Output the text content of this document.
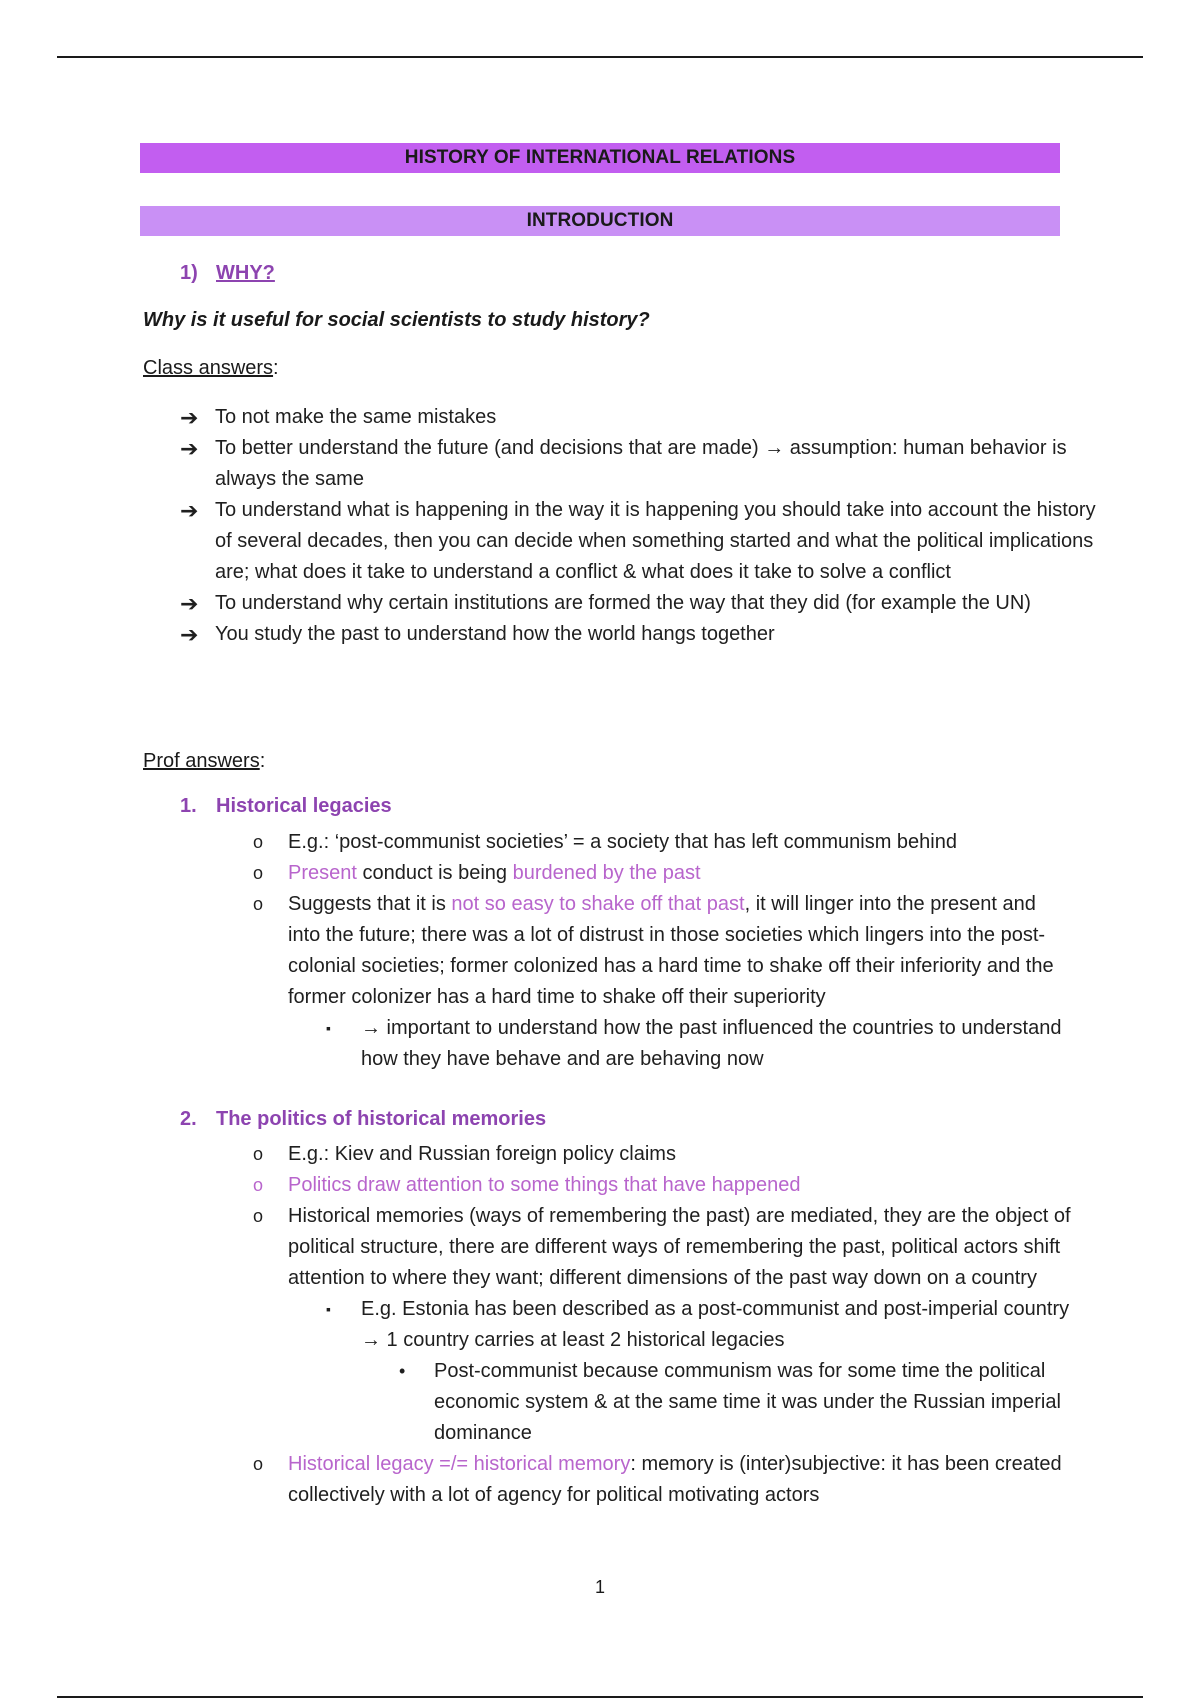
HISTORY OF INTERNATIONAL RELATIONS
INTRODUCTION
1) WHY?
Why is it useful for social scientists to study history?
Class answers:
➔ To not make the same mistakes
➔ To better understand the future (and decisions that are made) → assumption: human behavior is always the same
➔ To understand what is happening in the way it is happening you should take into account the history of several decades, then you can decide when something started and what the political implications are; what does it take to understand a conflict & what does it take to solve a conflict
➔ To understand why certain institutions are formed the way that they did (for example the UN)
➔ You study the past to understand how the world hangs together
Prof answers:
1. Historical legacies
o E.g.: ‘post-communist societies’ = a society that has left communism behind
o Present conduct is being burdened by the past
o Suggests that it is not so easy to shake off that past, it will linger into the present and into the future; there was a lot of distrust in those societies which lingers into the post-colonial societies; former colonized has a hard time to shake off their inferiority and the former colonizer has a hard time to shake off their superiority
▪ → important to understand how the past influenced the countries to understand how they have behave and are behaving now
2. The politics of historical memories
o E.g.: Kiev and Russian foreign policy claims
o Politics draw attention to some things that have happened
o Historical memories (ways of remembering the past) are mediated, they are the object of political structure, there are different ways of remembering the past, political actors shift attention to where they want; different dimensions of the past way down on a country
▪ E.g. Estonia has been described as a post-communist and post-imperial country → 1 country carries at least 2 historical legacies
• Post-communist because communism was for some time the political economic system & at the same time it was under the Russian imperial dominance
o Historical legacy =/= historical memory: memory is (inter)subjective: it has been created collectively with a lot of agency for political motivating actors
1
